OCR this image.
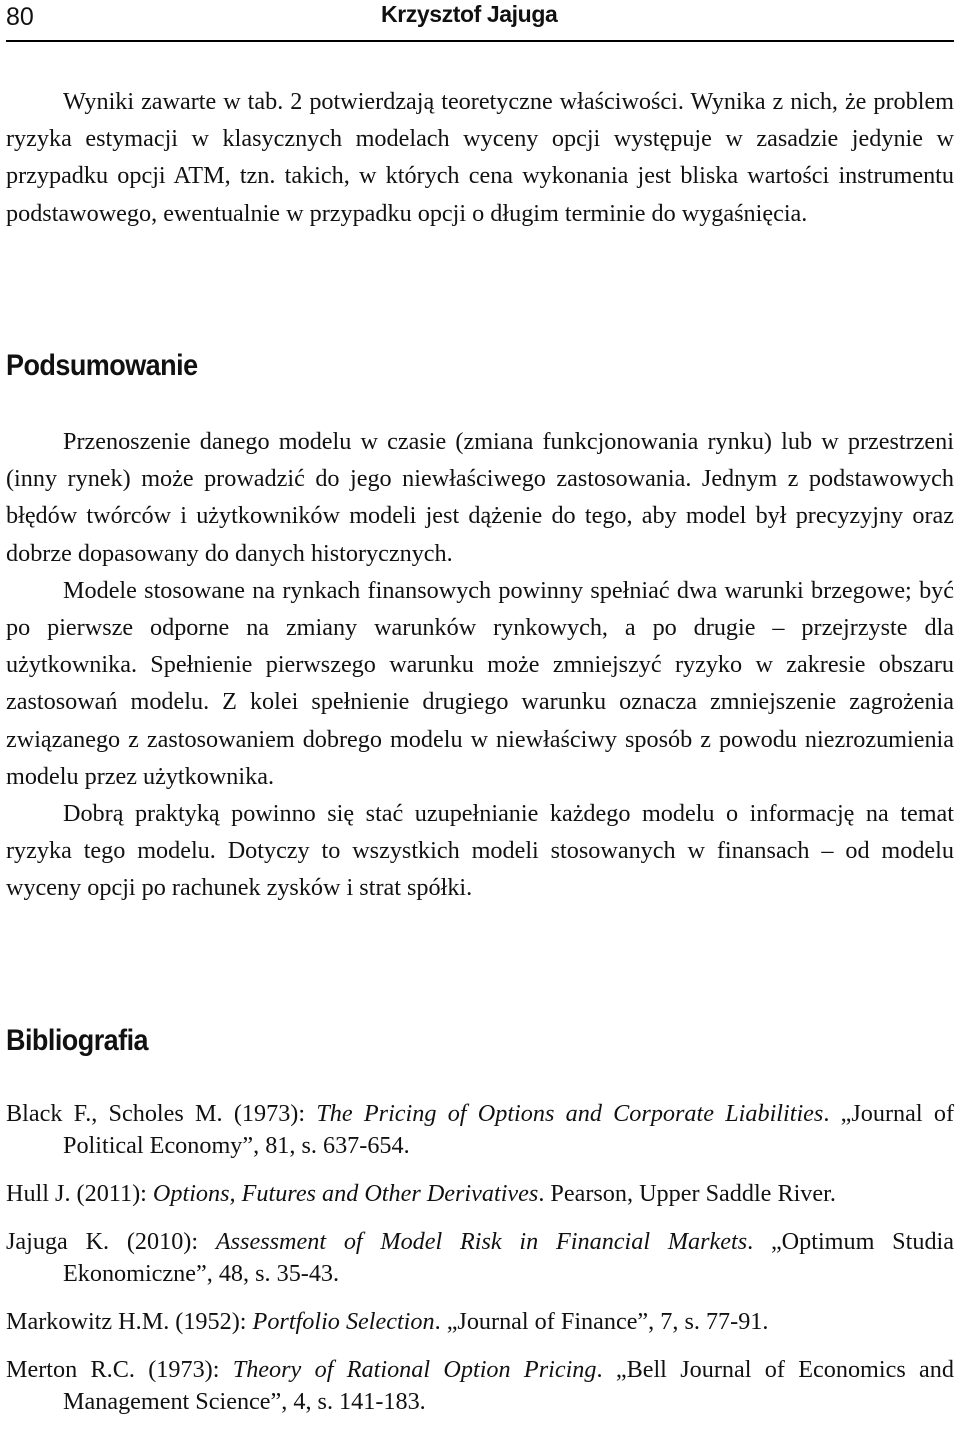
80	Krzysztof Jajuga

Wyniki zawarte w tab. 2 potwierdzają teoretyczne właściwości. Wynika z nich, że problem ryzyka estymacji w klasycznych modelach wyceny opcji występuje w zasadzie jedynie w przypadku opcji ATM, tzn. takich, w których cena wykonania jest bliska wartości instrumentu podstawowego, ewentualnie w przypadku opcji o długim terminie do wygaśnięcia.

Podsumowanie

Przenoszenie danego modelu w czasie (zmiana funkcjonowania rynku) lub w przestrzeni (inny rynek) może prowadzić do jego niewłaściwego zastosowania. Jednym z podstawowych błędów twórców i użytkowników modeli jest dążenie do tego, aby model był precyzyjny oraz dobrze dopasowany do danych historycznych.

Modele stosowane na rynkach finansowych powinny spełniać dwa warunki brzegowe; być po pierwsze odporne na zmiany warunków rynkowych, a po drugie – przejrzyste dla użytkownika. Spełnienie pierwszego warunku może zmniejszyć ryzyko w zakresie obszaru zastosowań modelu. Z kolei spełnienie drugiego warunku oznacza zmniejszenie zagrożenia związanego z zastosowaniem dobrego modelu w niewłaściwy sposób z powodu niezrozumienia modelu przez użytkownika.

Dobrą praktyką powinno się stać uzupełnianie każdego modelu o informację na temat ryzyka tego modelu. Dotyczy to wszystkich modeli stosowanych w finansach – od modelu wyceny opcji po rachunek zysków i strat spółki.

Bibliografia
Black F., Scholes M. (1973): The Pricing of Options and Corporate Liabilities. „Journal of Political Economy”, 81, s. 637-654.
Hull J. (2011): Options, Futures and Other Derivatives. Pearson, Upper Saddle River.
Jajuga K. (2010): Assessment of Model Risk in Financial Markets. „Optimum Studia Ekonomiczne”, 48, s. 35-43.
Markowitz H.M. (1952): Portfolio Selection. „Journal of Finance”, 7, s. 77-91.
Merton R.C. (1973): Theory of Rational Option Pricing. „Bell Journal of Economics and Management Science”, 4, s. 141-183.
